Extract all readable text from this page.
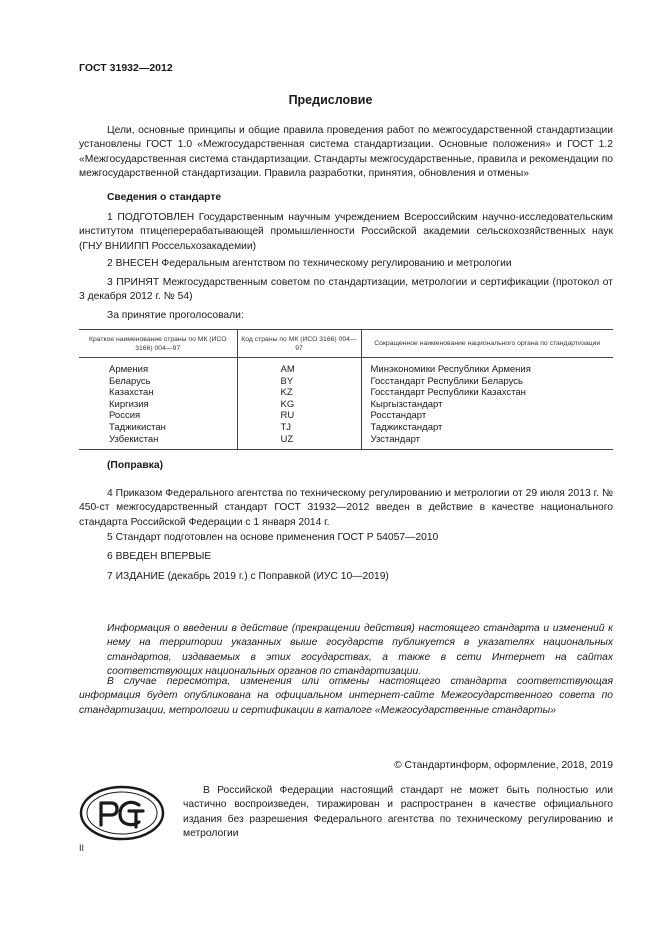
ГОСТ 31932—2012
Предисловие
Цели, основные принципы и общие правила проведения работ по межгосударственной стандартизации установлены ГОСТ 1.0 «Межгосударственная система стандартизации. Основные положения» и ГОСТ 1.2 «Межгосударственная система стандартизации. Стандарты межгосударственные, правила и рекомендации по межгосударственной стандартизации. Правила разработки, принятия, обновления и отмены»
Сведения о стандарте
1 ПОДГОТОВЛЕН Государственным научным учреждением Всероссийским научно-исследовательским институтом птицеперерабатывающей промышленности Российской академии сельскохозяйственных наук (ГНУ ВНИИПП Россельхозакадемии)
2 ВНЕСЕН Федеральным агентством по техническому регулированию и метрологии
3 ПРИНЯТ Межгосударственным советом по стандартизации, метрологии и сертификации (протокол от 3 декабря 2012 г. № 54)
За принятие проголосовали:
Краткое наименование страны по МК (ИСО 3166) 004—97	Код страны по МК (ИСО 3166) 004—97	Сокращенное наименование национального органа по стандартизации

Армения	AM	Минэкономики Республики Армения
Беларусь	BY	Госстандарт Республики Беларусь
Казахстан	KZ	Госстандарт Республики Казахстан
Киргизия	KG	Кыргызстандарт
Россия	RU	Росстандарт
Таджикистан	TJ	Таджикстандарт
Узбекистан	UZ	Узстандарт

(Поправка)
4 Приказом Федерального агентства по техническому регулированию и метрологии от 29 июля 2013 г. № 450-ст межгосударственный стандарт ГОСТ 31932—2012 введен в действие в качестве национального стандарта Российской Федерации с 1 января 2014 г.
5 Стандарт подготовлен на основе применения ГОСТ Р 54057—2010
6 ВВЕДЕН ВПЕРВЫЕ
7 ИЗДАНИЕ (декабрь 2019 г.) с Поправкой (ИУС 10—2019)
Информация о введении в действие (прекращении действия) настоящего стандарта и изменений к нему на территории указанных выше государств публикуется в указателях национальных стандартов, издаваемых в этих государствах, а также в сети Интернет на сайтах соответствующих национальных органов по стандартизации.
В случае пересмотра, изменения или отмены настоящего стандарта соответствующая информация будет опубликована на официальном интернет-сайте Межгосударственного совета по стандартизации, метрологии и сертификации в каталоге «Межгосударственные стандарты»
© Стандартинформ, оформление, 2018, 2019
В Российской Федерации настоящий стандарт не может быть полностью или частично воспроизведен, тиражирован и распространен в качестве официального издания без разрешения Федерального агентства по техническому регулированию и метрологии
II
